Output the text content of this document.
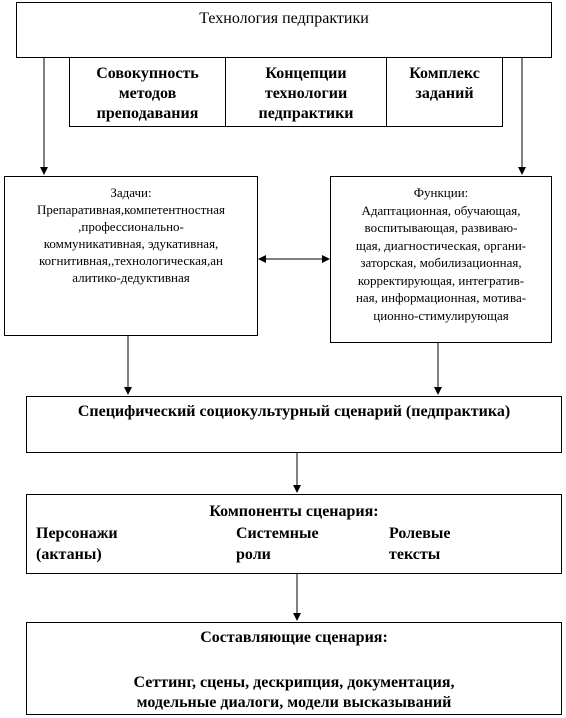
Технология педпрактики
Совокупность
методов
преподавания
Концепции
технологии
педпрактики
Комплекс
заданий
Задачи:
Препаративная,компетентностная
,профессионально-
коммуникативная, эдукативная,
когнитивная,,технологическая,ан
алитико-дедуктивная
Функции:
Адаптационная, обучающая,
воспитывающая, развиваю-
щая, диагностическая, органи-
заторская, мобилизационная,
корректирующая, интегратив-
ная, информационная, мотива-
ционно-стимулирующая
Специфический социокультурный сценарий (педпрактика)
Компоненты сценария:
Персонажи
(актаны)
Системные
роли
Ролевые
тексты
Составляющие сценария:
Сеттинг, сцены, дескрипция, документация,
модельные диалоги, модели высказываний
